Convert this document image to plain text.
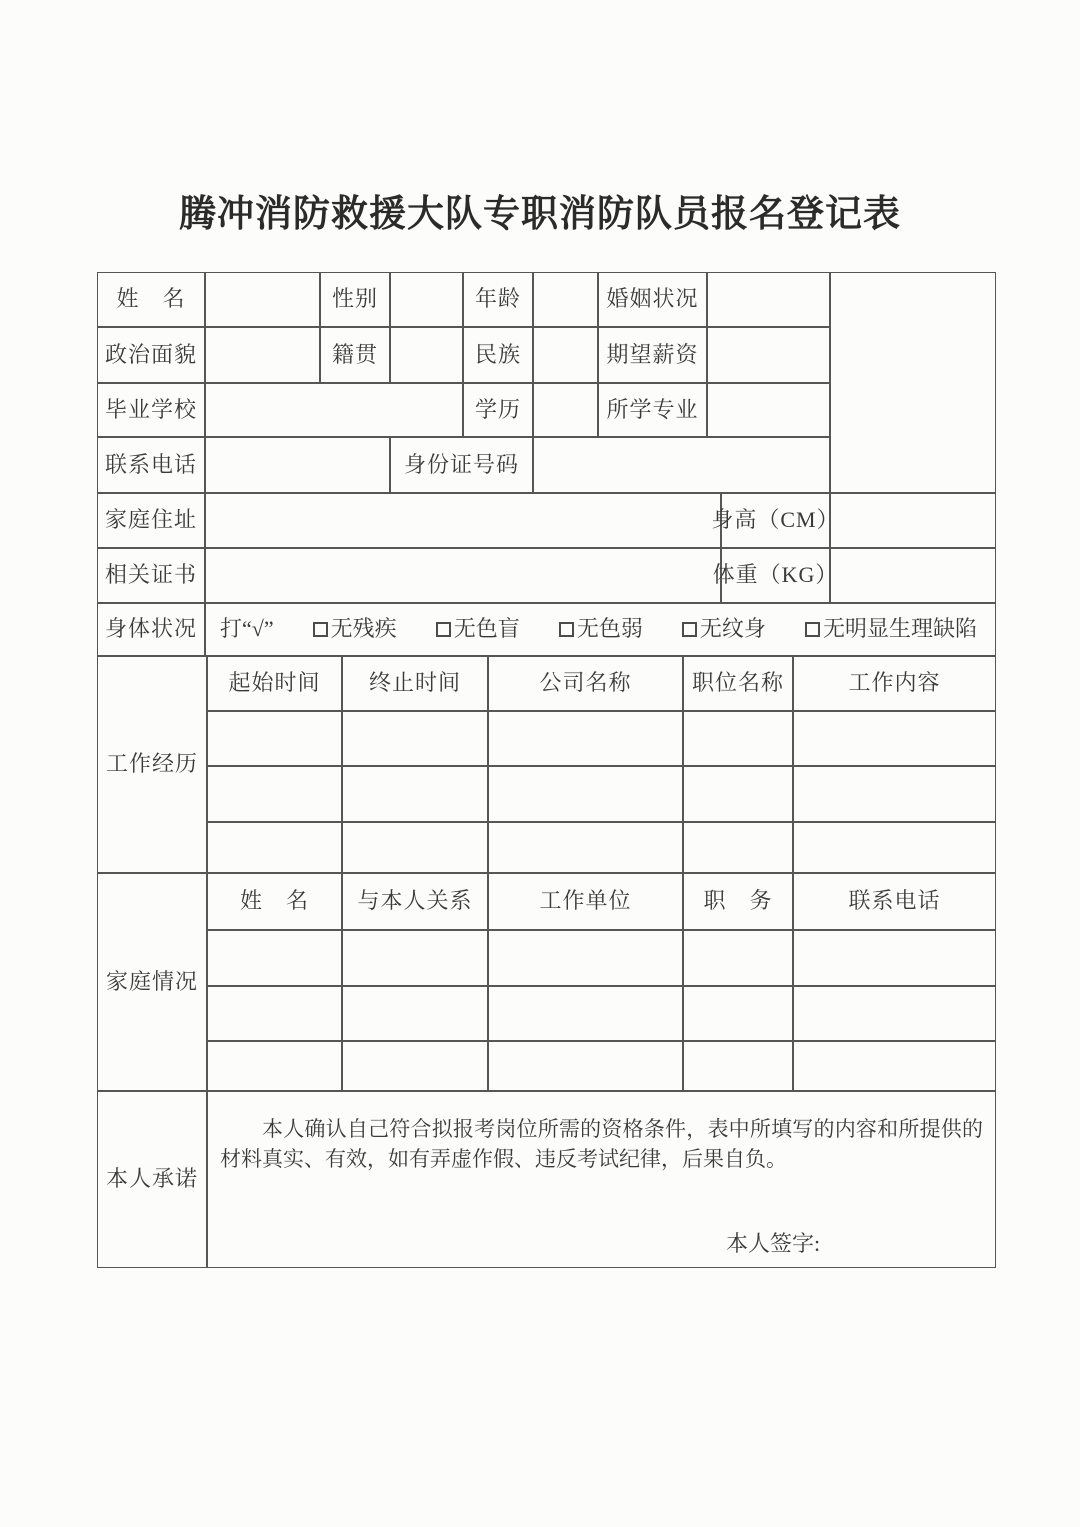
腾冲消防救援大队专职消防队员报名登记表
姓　名	性别	年龄	婚姻状况
政治面貌	籍贯	民族	期望薪资
毕业学校	学历	所学专业
联系电话	身份证号码
家庭住址	身高（CM）
相关证书	体重（KG）
身体状况	打“√”	无残疾	无色盲	无色弱	无纹身	无明显生理缺陷
工作经历
起始时间	终止时间	公司名称	职位名称	工作内容
家庭情况
姓　名	与本人关系	工作单位	职　务	联系电话
本人承诺

本人确认自己符合拟报考岗位所需的资格条件，表中所填写的内容和所提供的材料真实、有效，如有弄虚作假、违反考试纪律，后果自负。

本人签字:
